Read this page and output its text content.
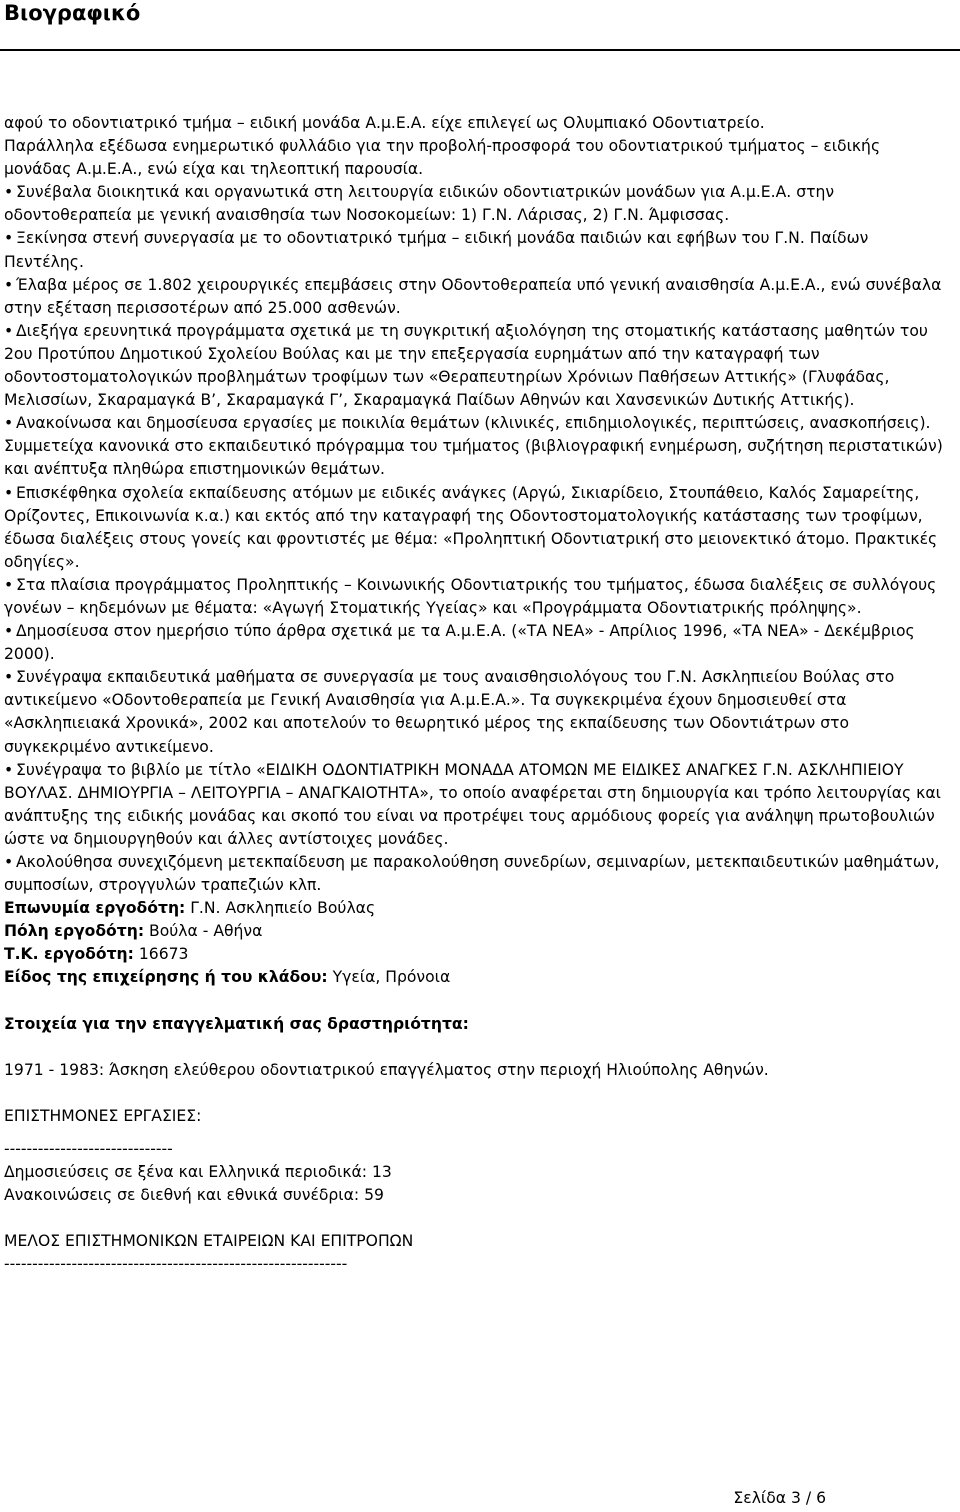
Βιογραφικό

αφού το οδοντιατρικό τμήμα – ειδική μονάδα Α.μ.Ε.Α. είχε επιλεγεί ως Ολυμπιακό Οδοντιατρείο.

Παράλληλα εξέδωσα ενημερωτικό φυλλάδιο για την προβολή-προσφορά του οδοντιατρικού τμήματος – ειδικής μονάδας Α.μ.Ε.Α., ενώ είχα και τηλεοπτική παρουσία.

• Συνέβαλα διοικητικά και οργανωτικά στη λειτουργία ειδικών οδοντιατρικών μονάδων για Α.μ.Ε.Α. στην οδοντοθεραπεία με γενική αναισθησία των Νοσοκομείων: 1) Γ.Ν. Λάρισας, 2) Γ.Ν. Άμφισσας.

• Ξεκίνησα στενή συνεργασία με το οδοντιατρικό τμήμα – ειδική μονάδα παιδιών και εφήβων του Γ.Ν. Παίδων Πεντέλης.

• Έλαβα μέρος σε 1.802 χειρουργικές επεμβάσεις στην Οδοντοθεραπεία υπό γενική αναισθησία Α.μ.Ε.Α., ενώ συνέβαλα στην εξέταση περισσοτέρων από 25.000 ασθενών.

• Διεξήγα ερευνητικά προγράμματα σχετικά με τη συγκριτική αξιολόγηση της στοματικής κατάστασης μαθητών του 2ου Προτύπου Δημοτικού Σχολείου Βούλας και με την επεξεργασία ευρημάτων από την καταγραφή των οδοντοστοματολογικών προβλημάτων τροφίμων των «Θεραπευτηρίων Χρόνιων Παθήσεων Αττικής» (Γλυφάδας, Μελισσίων, Σκαραμαγκά Β’, Σκαραμαγκά Γ’, Σκαραμαγκά Παίδων Αθηνών και Χανσενικών Δυτικής Αττικής).

• Ανακοίνωσα και δημοσίευσα εργασίες με ποικιλία θεμάτων (κλινικές, επιδημιολογικές, περιπτώσεις, ανασκοπήσεις). Συμμετείχα κανονικά στο εκπαιδευτικό πρόγραμμα του τμήματος (βιβλιογραφική ενημέρωση, συζήτηση περιστατικών) και ανέπτυξα πληθώρα επιστημονικών θεμάτων.

• Επισκέφθηκα σχολεία εκπαίδευσης ατόμων με ειδικές ανάγκες (Αργώ, Σικιαρίδειο, Στουπάθειο, Καλός Σαμαρείτης, Ορίζοντες, Επικοινωνία κ.α.) και εκτός από την καταγραφή της Οδοντοστοματολογικής κατάστασης των τροφίμων, έδωσα διαλέξεις στους γονείς και φροντιστές με θέμα: «Προληπτική Οδοντιατρική στο μειονεκτικό άτομο. Πρακτικές οδηγίες».

• Στα πλαίσια προγράμματος Προληπτικής – Κοινωνικής Οδοντιατρικής του τμήματος, έδωσα διαλέξεις σε συλλόγους γονέων – κηδεμόνων με θέματα: «Αγωγή Στοματικής Υγείας» και «Προγράμματα Οδοντιατρικής πρόληψης».

• Δημοσίευσα στον ημερήσιο τύπο άρθρα σχετικά με τα Α.μ.Ε.Α. («ΤΑ ΝΕΑ» - Απρίλιος 1996, «ΤΑ ΝΕΑ» - Δεκέμβριος 2000).

• Συνέγραψα εκπαιδευτικά μαθήματα σε συνεργασία με τους αναισθησιολόγους του Γ.Ν. Ασκληπιείου Βούλας στο αντικείμενο «Οδοντοθεραπεία με Γενική Αναισθησία για Α.μ.Ε.Α.». Τα συγκεκριμένα έχουν δημοσιευθεί στα «Ασκληπιειακά Χρονικά», 2002 και αποτελούν το θεωρητικό μέρος της εκπαίδευσης των Οδοντιάτρων στο συγκεκριμένο αντικείμενο.

• Συνέγραψα το βιβλίο με τίτλο «ΕΙΔΙΚΗ ΟΔΟΝΤΙΑΤΡΙΚΗ ΜΟΝΑΔΑ ΑΤΟΜΩΝ ΜΕ ΕΙΔΙΚΕΣ ΑΝΑΓΚΕΣ Γ.Ν. ΑΣΚΛΗΠΙΕΙΟΥ ΒΟΥΛΑΣ. ΔΗΜΙΟΥΡΓΙΑ – ΛΕΙΤΟΥΡΓΙΑ – ΑΝΑΓΚΑΙΟΤΗΤΑ», το οποίο αναφέρεται στη δημιουργία και τρόπο λειτουργίας και ανάπτυξης της ειδικής μονάδας και σκοπό του είναι να προτρέψει τους αρμόδιους φορείς για ανάληψη πρωτοβουλιών ώστε να δημιουργηθούν και άλλες αντίστοιχες μονάδες.

• Ακολούθησα συνεχιζόμενη μετεκπαίδευση με παρακολούθηση συνεδρίων, σεμιναρίων, μετεκπαιδευτικών μαθημάτων, συμποσίων, στρογγυλών τραπεζιών κλπ.

Επωνυμία εργοδότη: Γ.Ν. Ασκληπιείο Βούλας

Πόλη εργοδότη: Βούλα - Αθήνα

Τ.Κ. εργοδότη: 16673

Είδος της επιχείρησης ή του κλάδου: Υγεία, Πρόνοια

Στοιχεία για την επαγγελματική σας δραστηριότητα:

1971 - 1983: Άσκηση ελεύθερου οδοντιατρικού επαγγέλματος στην περιοχή Ηλιούπολης Αθηνών.

ΕΠΙΣΤΗΜΟΝΕΣ ΕΡΓΑΣΙΕΣ:

------------------------------

Δημοσιεύσεις σε ξένα και Ελληνικά περιοδικά: 13

Ανακοινώσεις σε διεθνή και εθνικά συνέδρια: 59

ΜΕΛΟΣ ΕΠΙΣΤΗΜΟΝΙΚΩΝ ΕΤΑΙΡΕΙΩΝ ΚΑΙ ΕΠΙΤΡΟΠΩΝ

-------------------------------------------------------------

Σελίδα 3 / 6
